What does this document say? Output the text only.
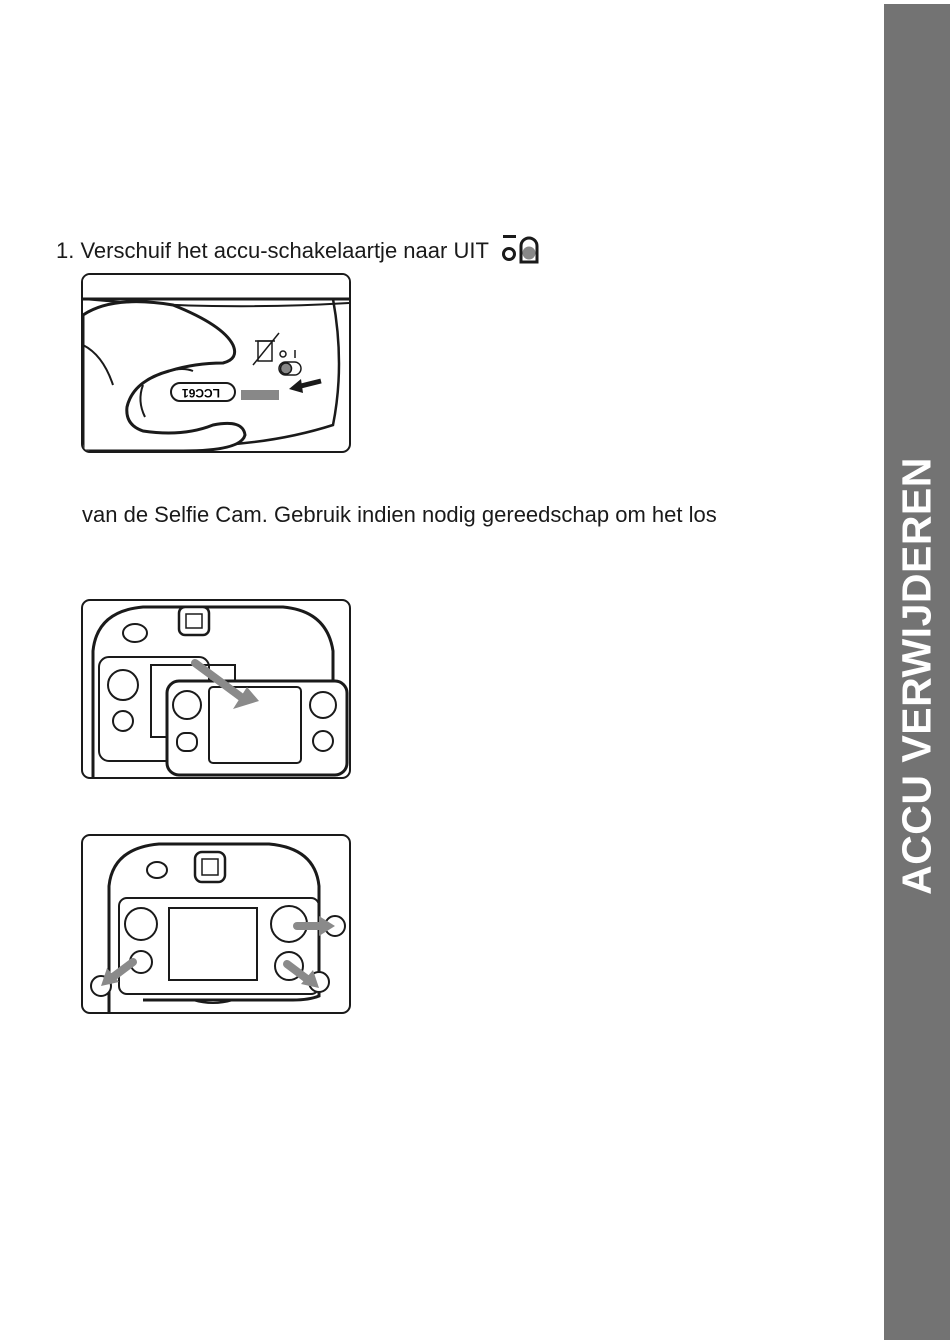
ACCU VERWIJDEREN
1. Verschuif het accu-schakelaartje naar UIT
LCC61
van de Selfie Cam. Gebruik indien nodig gereedschap om het los
